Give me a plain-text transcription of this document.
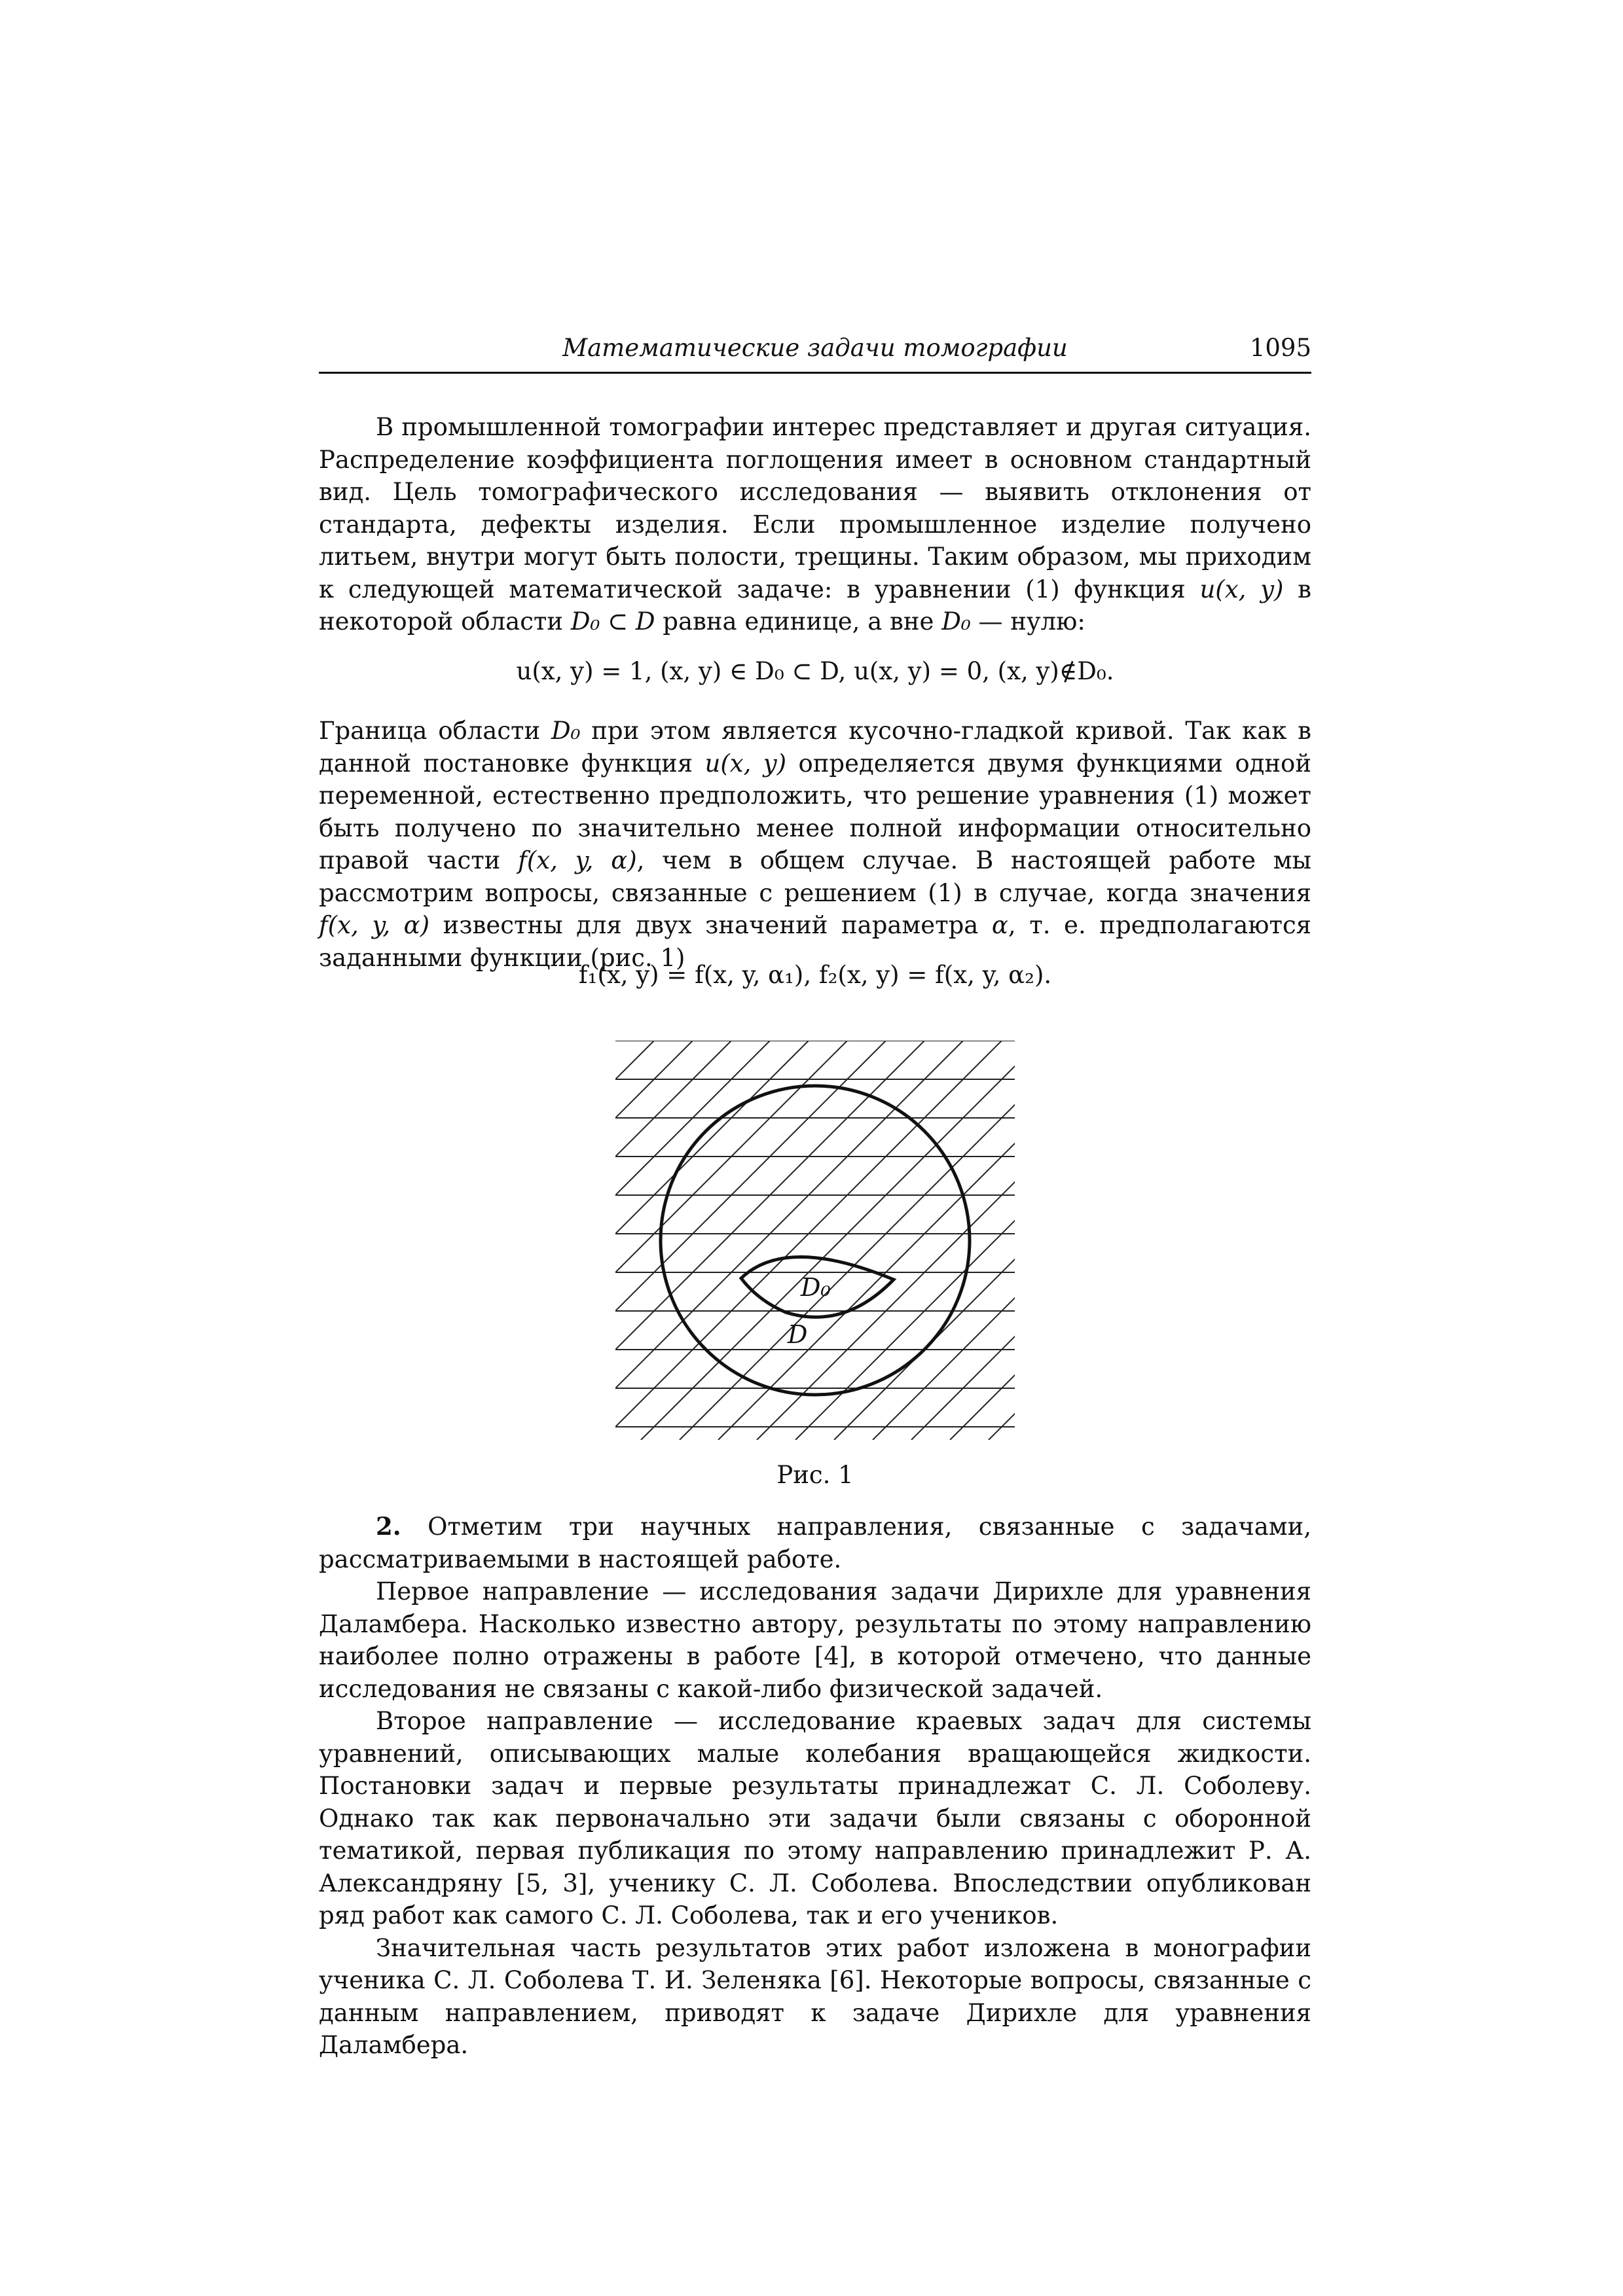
Математические задачи томографии	1095

В промышленной томографии интерес представляет и другая ситуация. Распределение коэффициента поглощения имеет в основном стандартный вид. Цель томографического исследования — выявить отклонения от стандарта, дефекты изделия. Если промышленное изделие получено литьем, внутри могут быть полости, трещины. Таким образом, мы приходим к следующей математической задаче: в уравнении (1) функция u(x, y) в некоторой области D₀ ⊂ D равна единице, а вне D₀ — нулю:

u(x, y) = 1, (x, y) ∈ D₀ ⊂ D, u(x, y) = 0, (x, y)∉D₀.

Граница области D₀ при этом является кусочно-гладкой кривой. Так как в данной постановке функция u(x, y) определяется двумя функциями одной переменной, естественно предположить, что решение уравнения (1) может быть получено по значительно менее полной информации относительно правой части f(x, y, α), чем в общем случае. В настоящей работе мы рассмотрим вопросы, связанные с решением (1) в случае, когда значения f(x, y, α) известны для двух значений параметра α, т. е. предполагаются заданными функции (рис. 1)

f₁(x, y) = f(x, y, α₁), f₂(x, y) = f(x, y, α₂).
D₀
D
Рис. 1

2. Отметим три научных направления, связанные с задачами, рассматриваемыми в настоящей работе.

Первое направление — исследования задачи Дирихле для уравнения Даламбера. Насколько известно автору, результаты по этому направлению наиболее полно отражены в работе [4], в которой отмечено, что данные исследования не связаны с какой-либо физической задачей.

Второе направление — исследование краевых задач для системы уравнений, описывающих малые колебания вращающейся жидкости. Постановки задач и первые результаты принадлежат С. Л. Соболеву. Однако так как первоначально эти задачи были связаны с оборонной тематикой, первая публикация по этому направлению принадлежит Р. А. Александряну [5, 3], ученику С. Л. Соболева. Впоследствии опубликован ряд работ как самого С. Л. Соболева, так и его учеников.

Значительная часть результатов этих работ изложена в монографии ученика С. Л. Соболева Т. И. Зеленяка [6]. Некоторые вопросы, связанные с данным направлением, приводят к задаче Дирихле для уравнения Даламбера.
